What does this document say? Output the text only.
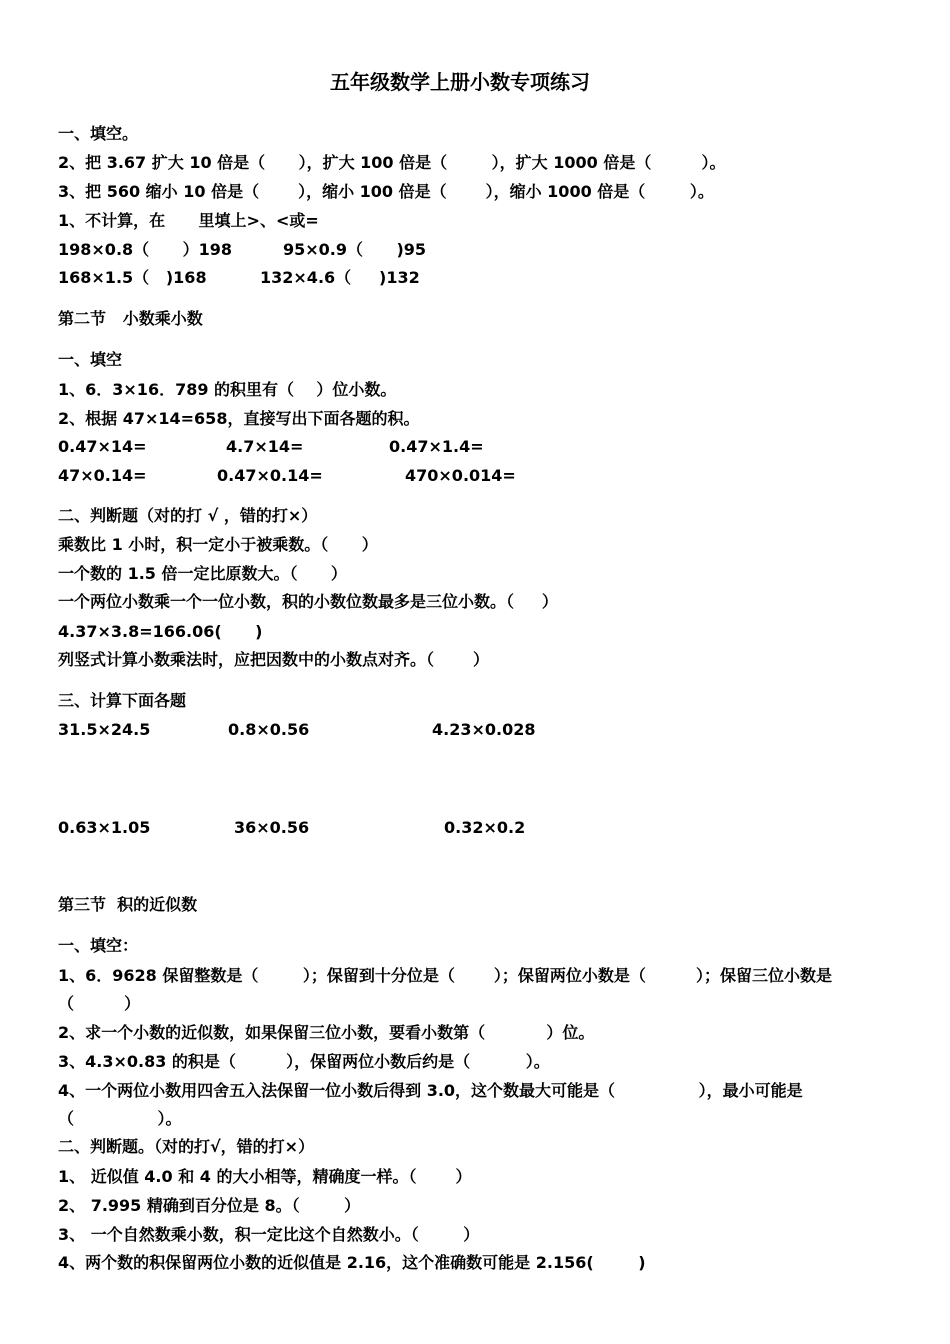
五年级数学上册小数专项练习
一、填空。
2、把 3.67 扩大 10 倍是（      ），扩大 100 倍是（        ），扩大 1000 倍是（         ）。
3、把 560 缩小 10 倍是（       ），缩小 100 倍是（       ），缩小 1000 倍是（        ）。
1、不计算，在      里填上>、<或=
198×0.8（      ）198	95×0.9（      )95
168×1.5（   )168	132×4.6（     )132
第二节   小数乘小数
一、填空
1、6．3×16．789 的积里有（    ）位小数。
2、根据 47×14=658，直接写出下面各题的积。
0.47×14=	4.7×14=	0.47×1.4=
47×0.14=	0.47×0.14=	470×0.014=
二、判断题（对的打 √ ，错的打×）
乘数比 1 小时，积一定小于被乘数。（      ）
一个数的 1.5 倍一定比原数大。（      ）
一个两位小数乘一个一位小数，积的小数位数最多是三位小数。（     ）
4.37×3.8=166.06(      )
列竖式计算小数乘法时，应把因数中的小数点对齐。（       ）
三、计算下面各题
31.5×24.5	0.8×0.56	4.23×0.028
0.63×1.05	36×0.56	0.32×0.2
第三节  积的近似数
一、填空：
1、6．9628 保留整数是（        ）；保留到十分位是（       ）；保留两位小数是（         ）；保留三位小数是
（         ）
2、求一个小数的近似数，如果保留三位小数，要看小数第（           ）位。
3、4.3×0.83 的积是（         ），保留两位小数后约是（          ）。
4、一个两位小数用四舍五入法保留一位小数后得到 3.0，这个数最大可能是（               ），最小可能是
（               ）。
二、判断题。（对的打√，错的打×）
1、 近似值 4.0 和 4 的大小相等，精确度一样。（       ）
2、 7.995 精确到百分位是 8。（        ）
3、 一个自然数乘小数，积一定比这个自然数小。（        ）
4、两个数的积保留两位小数的近似值是 2.16，这个准确数可能是 2.156(        )
